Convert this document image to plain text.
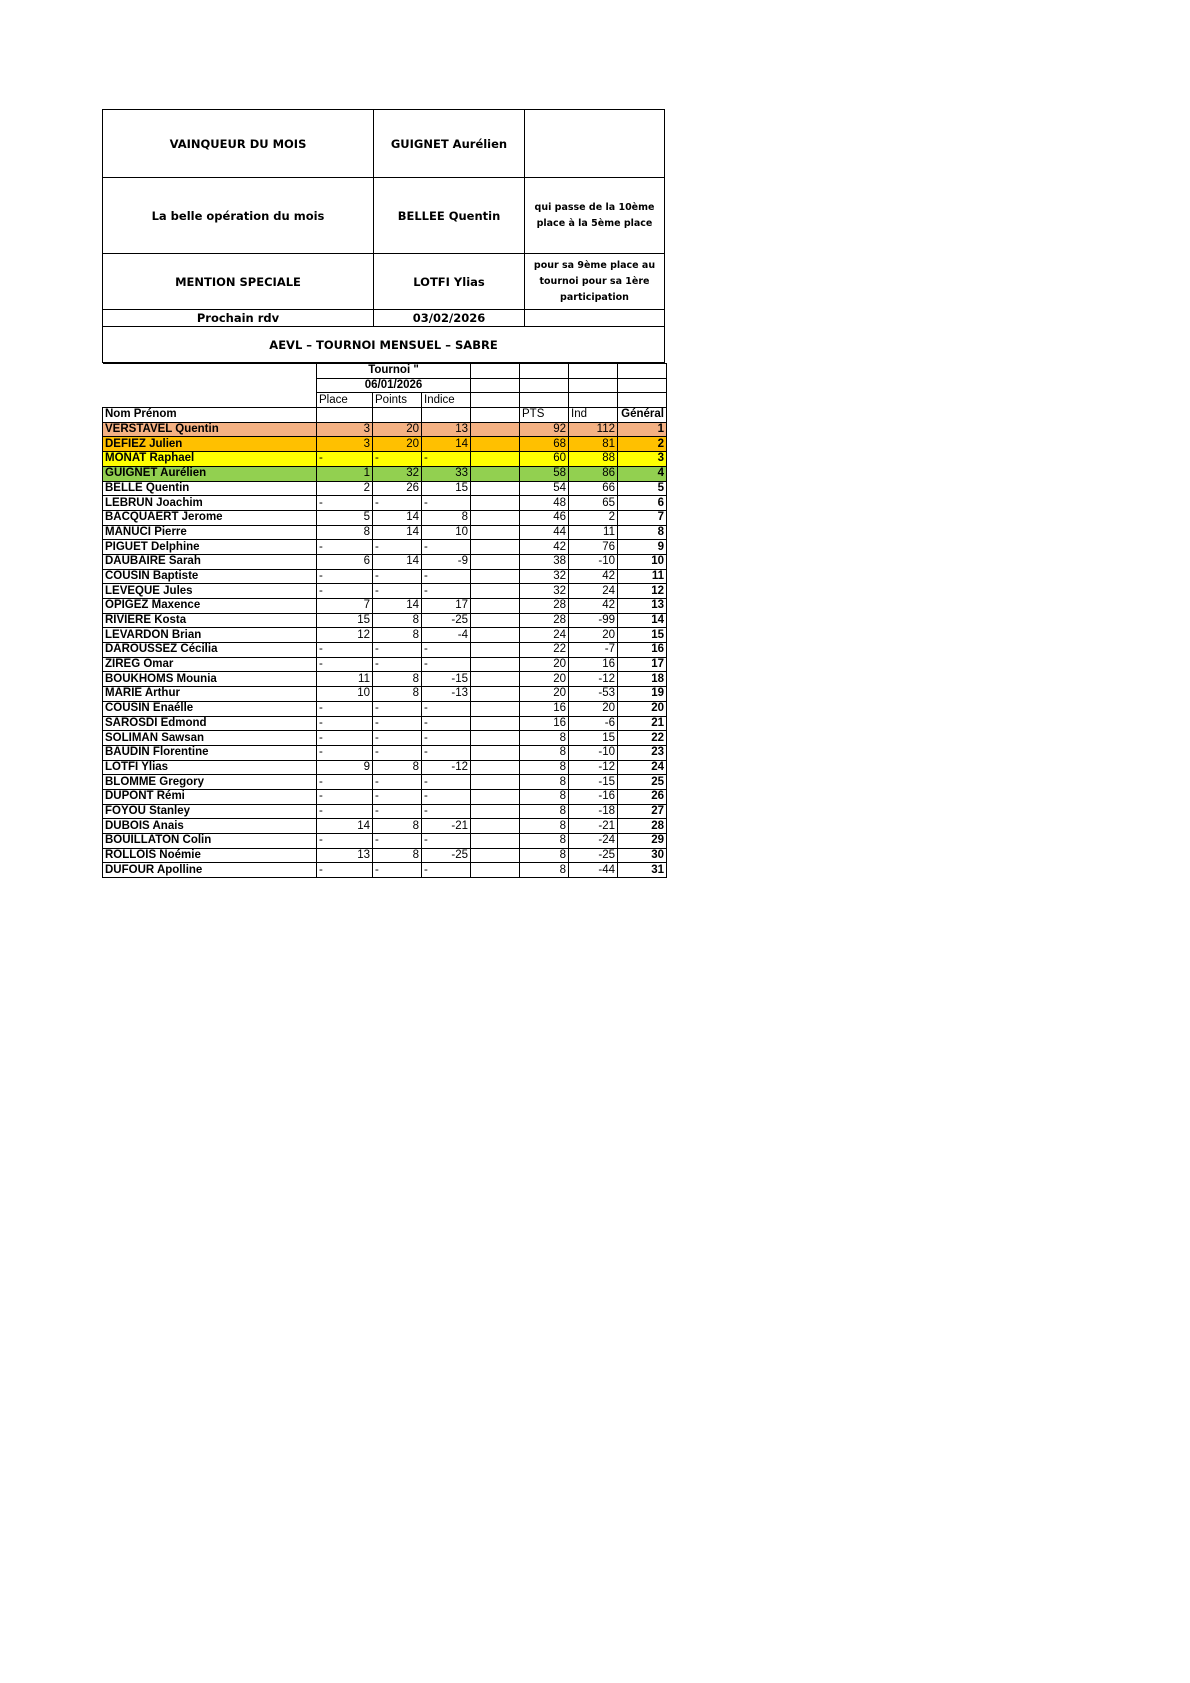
VAINQUEUR DU MOIS	GUIGNET Aurélien	
La belle opération du mois	BELLEE Quentin	qui passe de la 10ème place à la 5ème place
MENTION SPECIALE	LOTFI Ylias	pour sa 9ème place au tournoi pour sa 1ère participation
Prochain rdv	03/02/2026	
AEVL – TOURNOI MENSUEL – SABRE
	Tournoi "						
	06/01/2026						
	Place	Points	Indice				
Nom Prénom					PTS	Ind	Général
VERSTAVEL Quentin	3	20	13		92	112	1
DEFIEZ Julien	3	20	14		68	81	2
MONAT Raphael	-	-	-		60	88	3
GUIGNET Aurélien	1	32	33		58	86	4
BELLE Quentin	2	26	15		54	66	5
LEBRUN Joachim	-	-	-		48	65	6
BACQUAERT Jerome	5	14	8		46	2	7
MANUCI Pierre	8	14	10		44	11	8
PIGUET Delphine	-	-	-		42	76	9
DAUBAIRE Sarah	6	14	-9		38	-10	10
COUSIN Baptiste	-	-	-		32	42	11
LEVEQUE Jules	-	-	-		32	24	12
OPIGEZ Maxence	7	14	17		28	42	13
RIVIERE Kosta	15	8	-25		28	-99	14
LEVARDON Brian	12	8	-4		24	20	15
DAROUSSEZ Cécilia	-	-	-		22	-7	16
ZIREG Omar	-	-	-		20	16	17
BOUKHOMS Mounia	11	8	-15		20	-12	18
MARIE Arthur	10	8	-13		20	-53	19
COUSIN Enaélle	-	-	-		16	20	20
SAROSDI Edmond	-	-	-		16	-6	21
SOLIMAN Sawsan	-	-	-		8	15	22
BAUDIN Florentine	-	-	-		8	-10	23
LOTFI Ylias	9	8	-12		8	-12	24
BLOMME Gregory	-	-	-		8	-15	25
DUPONT Rémi	-	-	-		8	-16	26
FOYOU Stanley	-	-	-		8	-18	27
DUBOIS Anais	14	8	-21		8	-21	28
BOUILLATON Colin	-	-	-		8	-24	29
ROLLOIS Noémie	13	8	-25		8	-25	30
DUFOUR Apolline	-	-	-		8	-44	31
